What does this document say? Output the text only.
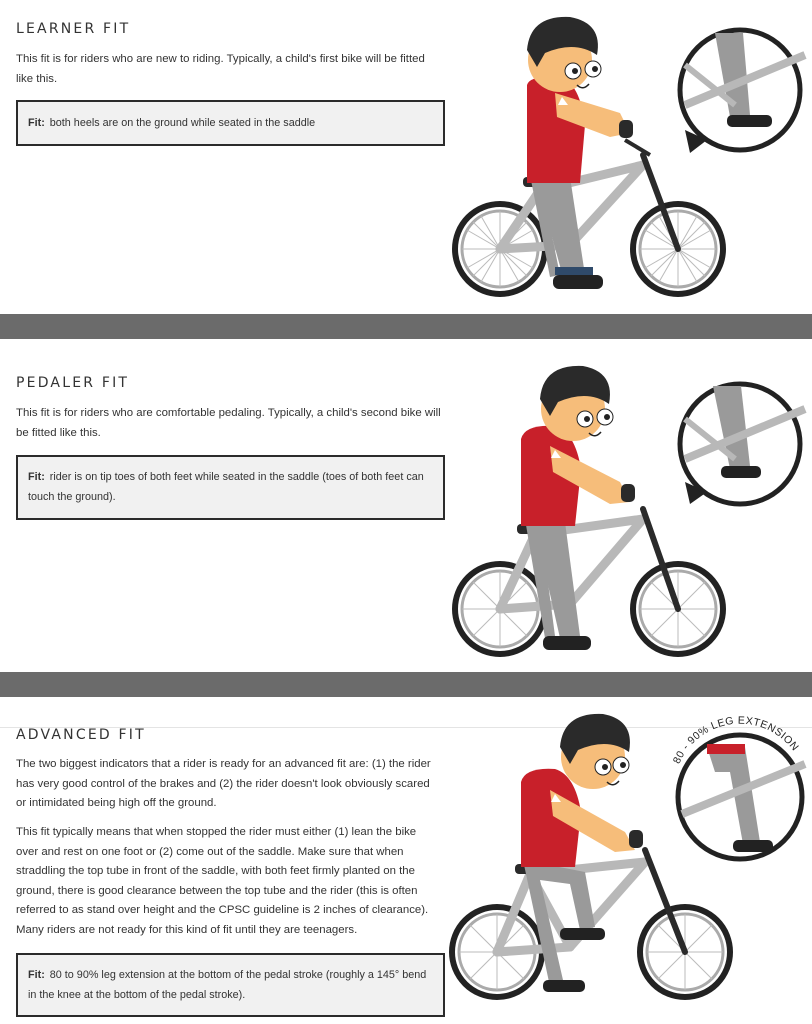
LEARNER FIT

This fit is for riders who are new to riding. Typically, a child's first bike will be fitted like this.

Fit: both heels are on the ground while seated in the saddle

PEDALER FIT

This fit is for riders who are comfortable pedaling. Typically, a child's second bike will be fitted like this.

Fit: rider is on tip toes of both feet while seated in the saddle (toes of both feet can touch the ground).

ADVANCED FIT

The two biggest indicators that a rider is ready for an advanced fit are: (1) the rider has very good control of the brakes and (2) the rider doesn't look obviously scared or intimidated being high off the ground.

This fit typically means that when stopped the rider must either (1) lean the bike over and rest on one foot or (2) come out of the saddle. Make sure that when straddling the top tube in front of the saddle, with both feet firmly planted on the ground, there is good clearance between the top tube and the rider (this is often referred to as stand over height and the CPSC guideline is 2 inches of clearance). Many riders are not ready for this kind of fit until they are teenagers.

Fit: 80 to 90% leg extension at the bottom of the pedal stroke (roughly a 145° bend in the knee at the bottom of the pedal stroke).

80 - 90% LEG EXTENSION
